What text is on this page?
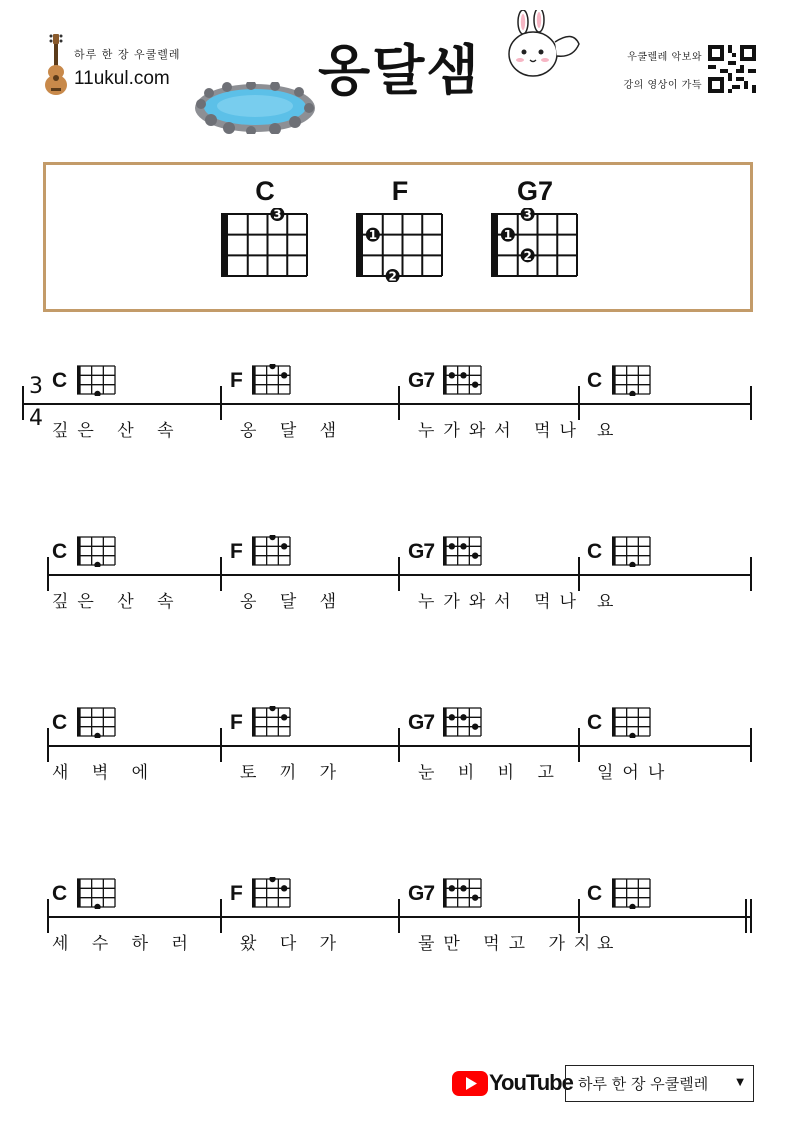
하루 한 장 우쿨렐레
11ukul.com	옹달샘	우쿨렐레 악보와
강의 영상이 가득
C
3
F
1
2
G7
3
1
2
3
4
C
깊은 산 속
F
옹 달 샘
G7
누가와서 먹나
C
요
C
깊은 산 속
F
옹 달 샘
G7
누가와서 먹나
C
요
C
새 벽 에
F
토 끼 가
G7
눈 비 비 고
C
일어나
C
세 수 하 러
F
왔 다 가
G7
물만 먹고 가지
C
요
YouTube 하루 한 장 우쿨렐레	▼
